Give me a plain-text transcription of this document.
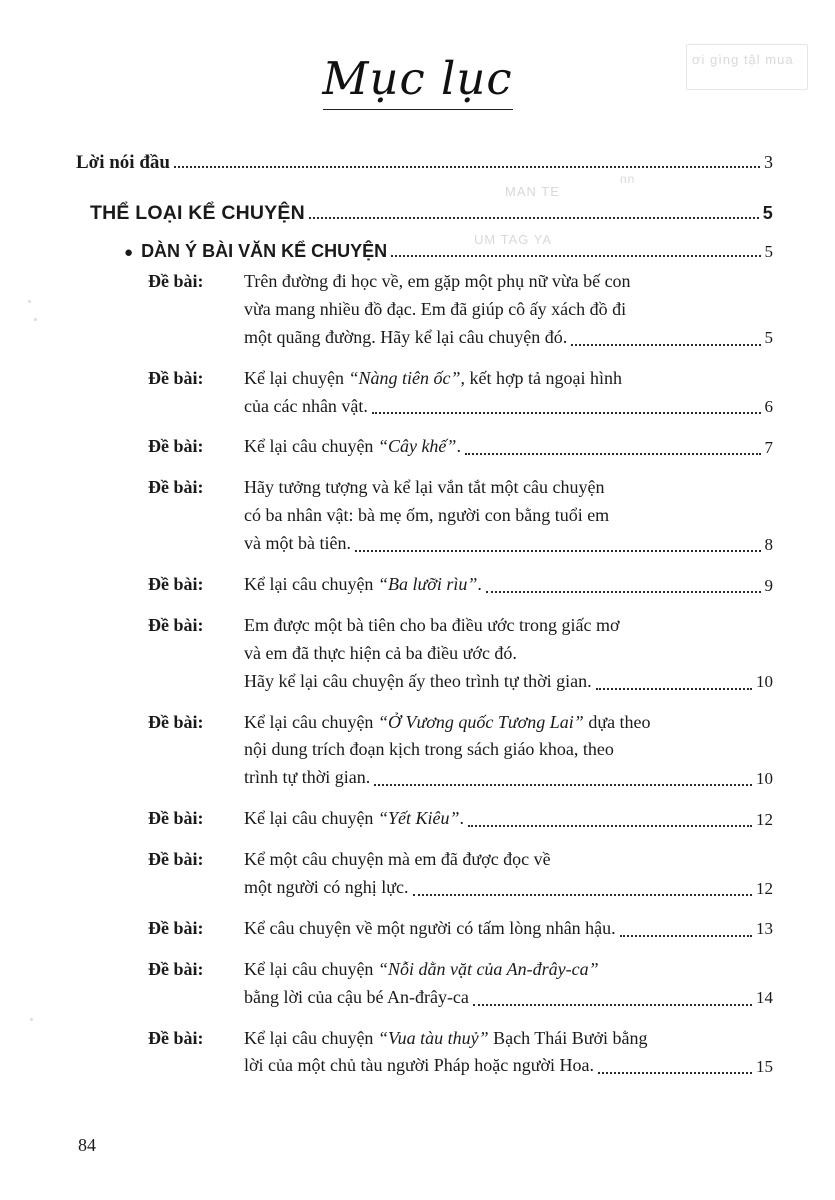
ơi gìng tậl mua
MAN TE
nn
UM TAG YA
Mục lục
Lời nói đầu	3
THỂ LOẠI KỂ CHUYỆN	5
● DÀN Ý BÀI VĂN KỂ CHUYỆN	5
Đề bài:	Trên đường đi học về, em gặp một phụ nữ vừa bế con
vừa mang nhiều đồ đạc. Em đã giúp cô ấy xách đồ đi
một quãng đường. Hãy kể lại câu chuyện đó.	5
Đề bài:	Kể lại chuyện “Nàng tiên ốc”, kết hợp tả ngoại hình
của các nhân vật.	6
Đề bài:	Kể lại câu chuyện “Cây khế”.	7
Đề bài:	Hãy tưởng tượng và kể lại vắn tắt một câu chuyện
có ba nhân vật: bà mẹ ốm, người con bằng tuổi em
và một bà tiên.	8
Đề bài:	Kể lại câu chuyện “Ba lưỡi rìu”.	9
Đề bài:	Em được một bà tiên cho ba điều ước trong giấc mơ
và em đã thực hiện cả ba điều ước đó.
Hãy kể lại câu chuyện ấy theo trình tự thời gian.	10
Đề bài:	Kể lại câu chuyện “Ở Vương quốc Tương Lai” dựa theo
nội dung trích đoạn kịch trong sách giáo khoa, theo
trình tự thời gian.	10
Đề bài:	Kể lại câu chuyện “Yết Kiêu”.	12
Đề bài:	Kể một câu chuyện mà em đã được đọc về
một người có nghị lực.	12
Đề bài:	Kể câu chuyện về một người có tấm lòng nhân hậu.	13
Đề bài:	Kể lại câu chuyện “Nỗi dằn vặt của An-đrây-ca”
bằng lời của cậu bé An-đrây-ca	14
Đề bài:	Kể lại câu chuyện “Vua tàu thuỷ” Bạch Thái Bưởi bằng
lời của một chủ tàu người Pháp hoặc người Hoa.	15
84
